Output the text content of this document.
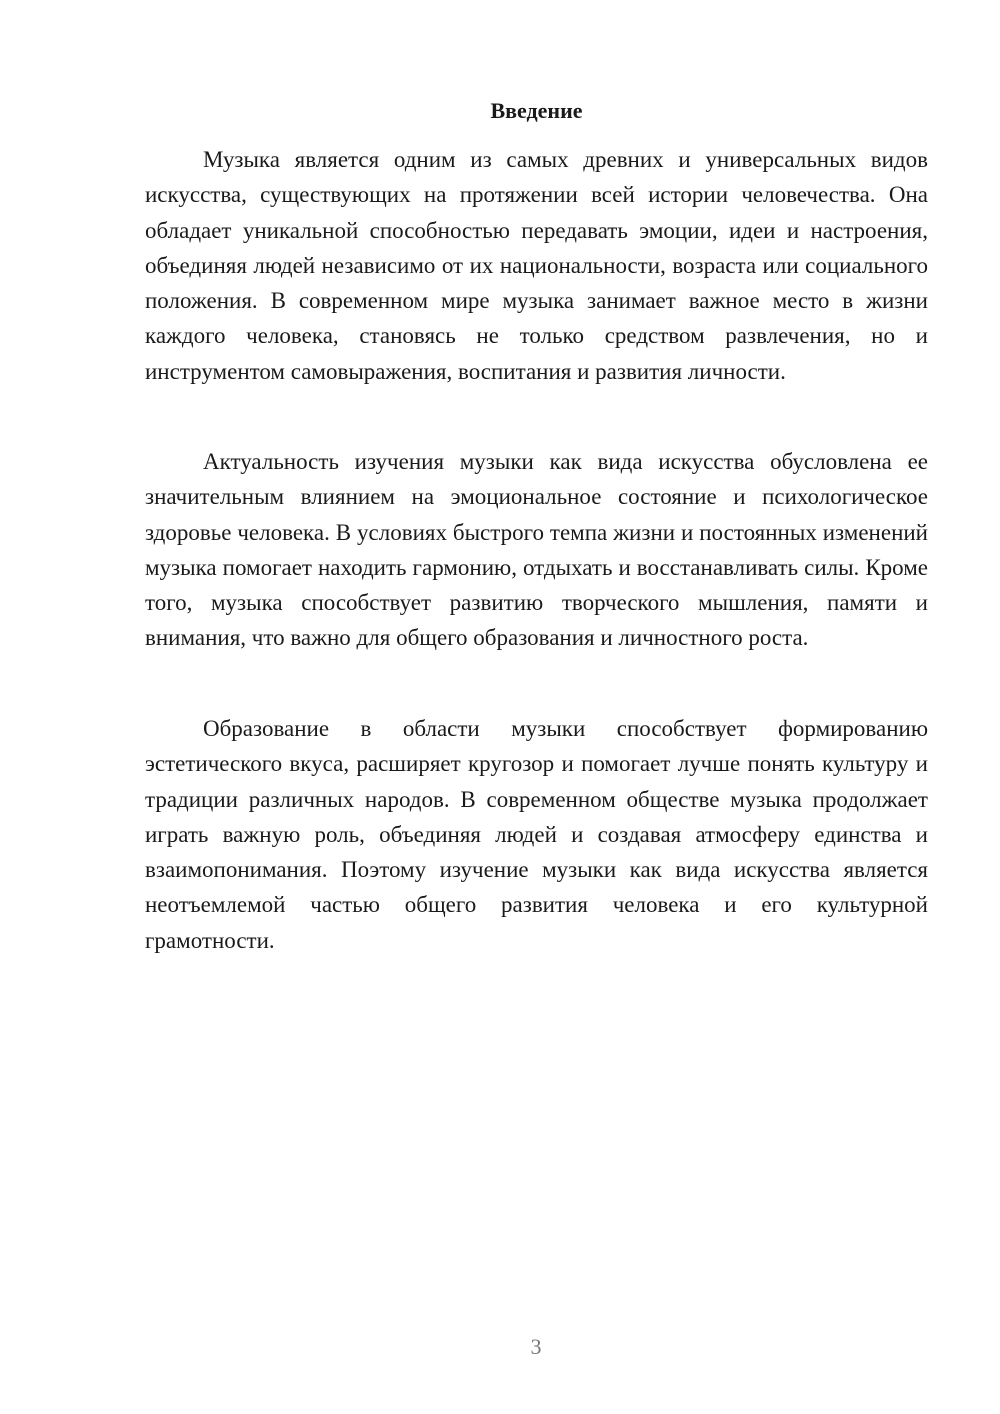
Введение

Музыка является одним из самых древних и универсальных видов искусства, существующих на протяжении всей истории человечества. Она обладает уникальной способностью передавать эмоции, идеи и настроения, объединяя людей независимо от их национальности, возраста или социального положения. В современном мире музыка занимает важное место в жизни каждого человека, становясь не только средством развлечения, но и инструментом самовыражения, воспитания и развития личности.

Актуальность изучения музыки как вида искусства обусловлена ее значительным влиянием на эмоциональное состояние и психологическое здоровье человека. В условиях быстрого темпа жизни и постоянных изменений музыка помогает находить гармонию, отдыхать и восстанавливать силы. Кроме того, музыка способствует развитию творческого мышления, памяти и внимания, что важно для общего образования и личностного роста.

Образование в области музыки способствует формированию эстетического вкуса, расширяет кругозор и помогает лучше понять культуру и традиции различных народов. В современном обществе музыка продолжает играть важную роль, объединяя людей и создавая атмосферу единства и взаимопонимания. Поэтому изучение музыки как вида искусства является неотъемлемой частью общего развития человека и его культурной грамотности.

3
